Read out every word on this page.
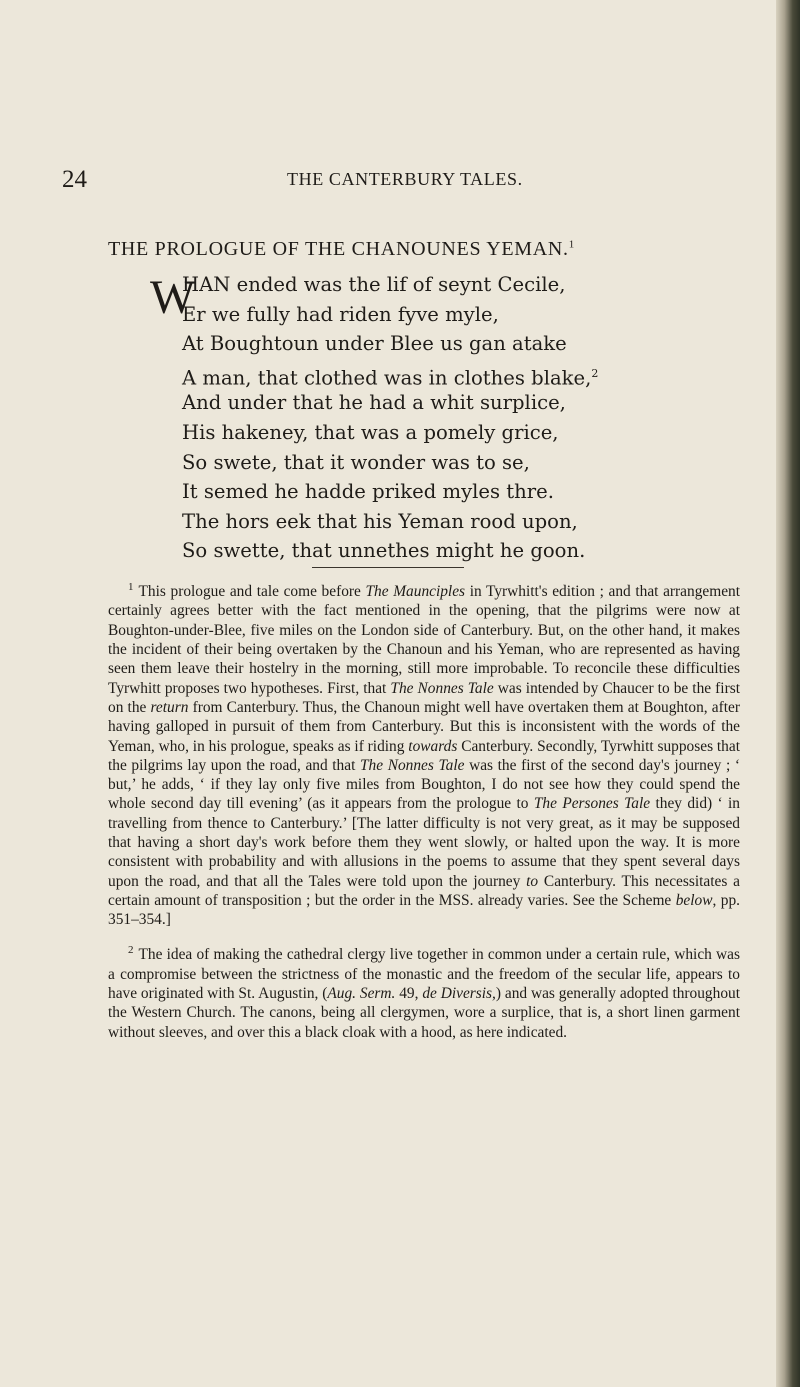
24	THE CANTERBURY TALES.
THE PROLOGUE OF THE CHANOUNES YEMAN.$^1$
W
HAN ended was the lif of seynt Cecile,
Er we fully had riden fyve myle,
At Boughtoun under Blee us gan atake
A man, that clothed was in clothes blake,$^2$
And under that he had a whit surplice,
His hakeney, that was a pomely grice,
So swete, that it wonder was to se,
It semed he hadde priked myles thre.
The hors eek that his Yeman rood upon,
So swette, that unnethes might he goon.

$^1$ This prologue and tale come before The Maunciples in Tyrwhitt's edition ; and that arrangement certainly agrees better with the fact mentioned in the opening, that the pilgrims were now at Boughton-under-Blee, five miles on the London side of Canterbury. But, on the other hand, it makes the incident of their being overtaken by the Chanoun and his Yeman, who are represented as having seen them leave their hostelry in the morning, still more improbable. To reconcile these difficulties Tyrwhitt proposes two hypotheses. First, that The Nonnes Tale was intended by Chaucer to be the first on the return from Canterbury. Thus, the Chanoun might well have overtaken them at Boughton, after having galloped in pursuit of them from Canterbury. But this is inconsistent with the words of the Yeman, who, in his prologue, speaks as if riding towards Canterbury. Secondly, Tyrwhitt supposes that the pilgrims lay upon the road, and that The Nonnes Tale was the first of the second day's journey ; ‘ but,’ he adds, ‘ if they lay only five miles from Boughton, I do not see how they could spend the whole second day till evening’ (as it appears from the prologue to The Persones Tale they did) ‘ in travelling from thence to Canterbury.’ [The latter difficulty is not very great, as it may be supposed that having a short day's work before them they went slowly, or halted upon the way. It is more consistent with probability and with allusions in the poems to assume that they spent several days upon the road, and that all the Tales were told upon the journey to Canterbury. This necessitates a certain amount of transposition ; but the order in the MSS. already varies. See the Scheme below, pp. 351–354.]

$^2$ The idea of making the cathedral clergy live together in common under a certain rule, which was a compromise between the strictness of the monastic and the freedom of the secular life, appears to have originated with St. Augustin, (Aug. Serm. 49, de Diversis,) and was generally adopted throughout the Western Church. The canons, being all clergymen, wore a surplice, that is, a short linen garment without sleeves, and over this a black cloak with a hood, as here indicated.
